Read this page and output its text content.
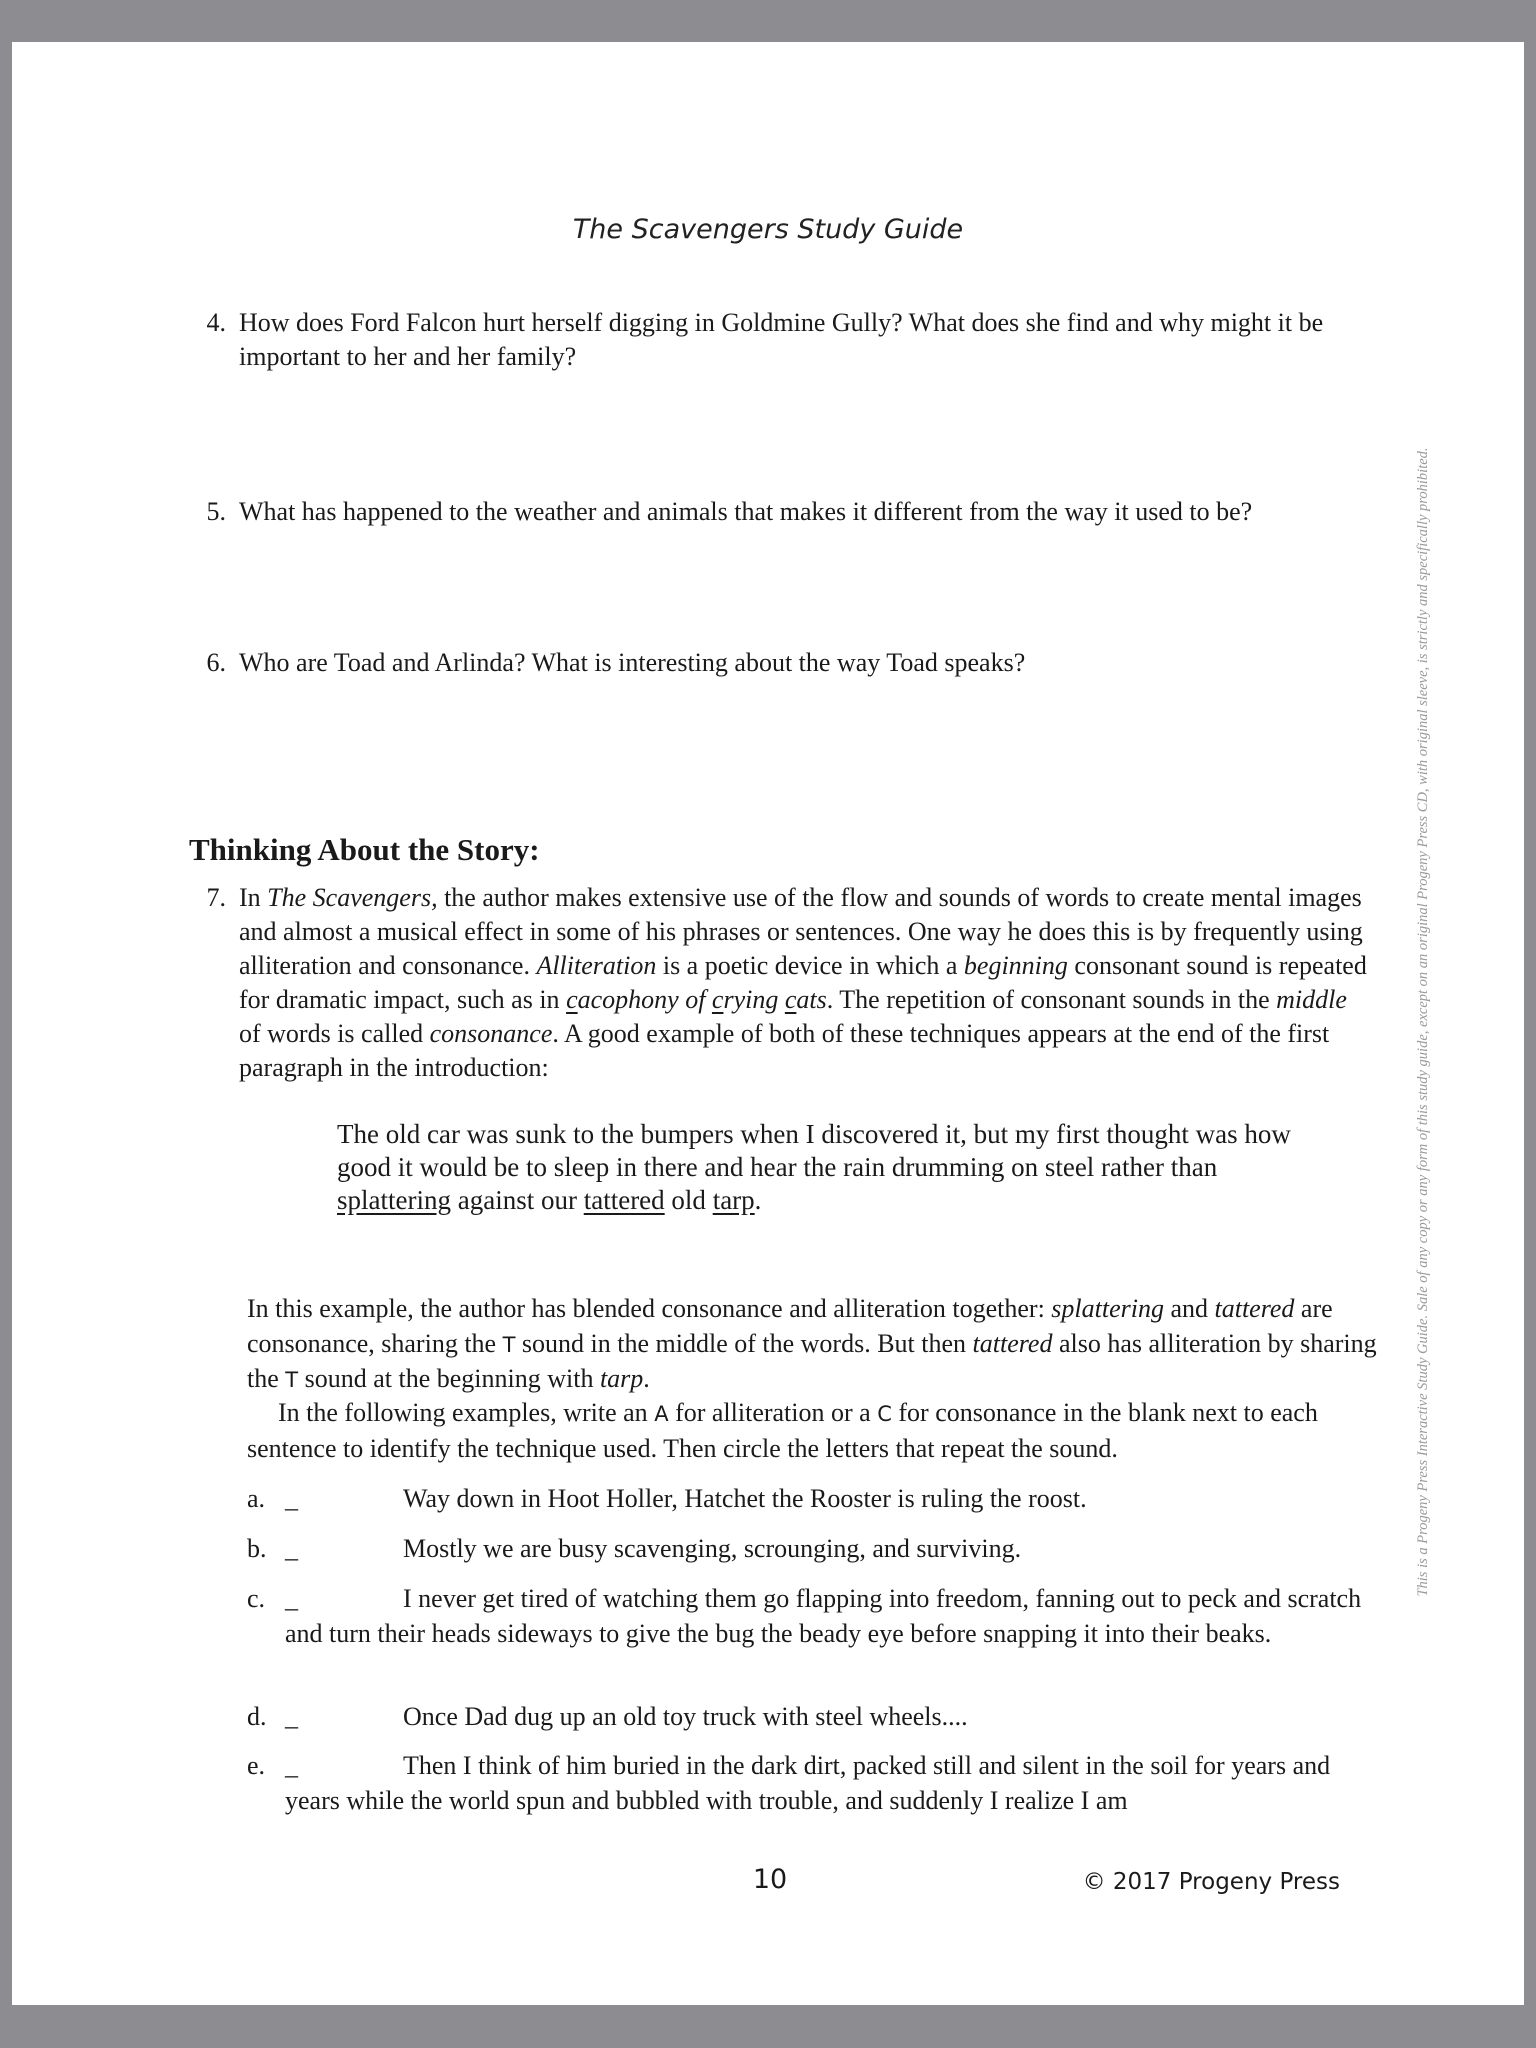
The Scavengers Study Guide
4. How does Ford Falcon hurt herself digging in Goldmine Gully? What does she find and why might it be important to her and her family?
5. What has happened to the weather and animals that makes it different from the way it used to be?
6. Who are Toad and Arlinda? What is interesting about the way Toad speaks?
Thinking About the Story:
7. In The Scavengers, the author makes extensive use of the flow and sounds of words to create mental images and almost a musical effect in some of his phrases or sentences. One way he does this is by frequently using alliteration and consonance. Alliteration is a poetic device in which a beginning consonant sound is repeated for dramatic impact, such as in cacophony of crying cats. The repetition of consonant sounds in the middle of words is called consonance. A good example of both of these techniques appears at the end of the first paragraph in the introduction:
The old car was sunk to the bumpers when I discovered it, but my first thought was how good it would be to sleep in there and hear the rain drumming on steel rather than splattering against our tattered old tarp.
In this example, the author has blended consonance and alliteration together: splattering and tattered are consonance, sharing the T sound in the middle of the words. But then tattered also has alliteration by sharing the T sound at the beginning with tarp.
In the following examples, write an A for alliteration or a C for consonance in the blank next to each sentence to identify the technique used. Then circle the letters that repeat the sound.
a. _	Way down in Hoot Holler, Hatchet the Rooster is ruling the roost.
b. _	Mostly we are busy scavenging, scrounging, and surviving.
c. _	I never get tired of watching them go flapping into freedom, fanning out to peck and scratch and turn their heads sideways to give the bug the beady eye before snapping it into their beaks.
d. _	Once Dad dug up an old toy truck with steel wheels....
e. _	Then I think of him buried in the dark dirt, packed still and silent in the soil for years and years while the world spun and bubbled with trouble, and suddenly I realize I am
10	© 2017 Progeny Press
This is a Progeny Press Interactive Study Guide. Sale of any copy or any form of this study guide, except on an original Progeny Press CD, with original sleeve, is strictly and specifically prohibited.
